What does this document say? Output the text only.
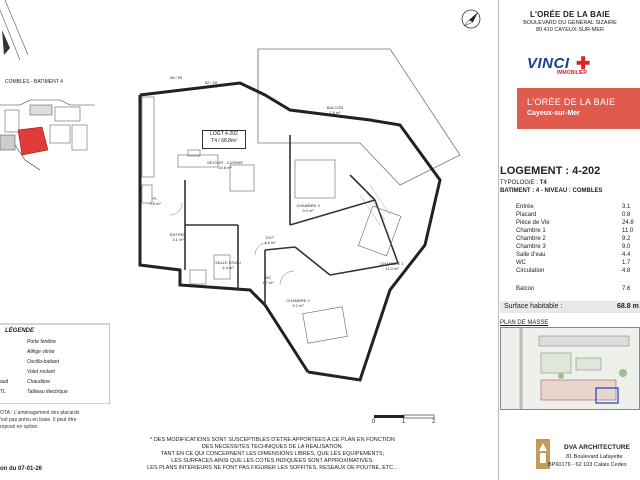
COMBLES - BATIMENT 4
05 / 93
52 / 10
LOGT 4-202
T4 / 68.8m²
BALCON
7.6 m²
SÉJOUR - CUISINE
24.8 m²
CHAMBRE 3
9.0 m²
CHAMBRE 1
11.0 m²
CHAMBRE 2
9.2 m²
ENTREE
3.1 m²	DGT
4.8 m²
SALLE D'EAU
4.4 m²
WC
1.7 m²
PL
0.8 m²
0	1	2
* DES MODIFICATIONS SONT SUSCEPTIBLES D'ETRE APPORTEES A CE PLAN EN FONCTION
DES NECESSITES TECHNIQUES DE LA REALISATION.
TANT EN CE QUI CONCERNENT LES DIMENSIONS LIBRES, QUE LES EQUIPEMENTS;
LES SURFACES AINSI QUE LES COTES INDIQUEES SONT APPROXIMATIVES.
LES PLANS INTERIEURS NE FONT PAS FIGURER LES SOFFITES, RESEAUX DE POUTRE, ETC...
LÉGENDE
Porte fenêtre
Allège vitrée
Oscillo-battant
Volet roulant
aud	Chaudière
TL	Tableau électrique
OTA : L'aménagement des placards
'est pas prévu en base. Il peut être
roposé en option
on du 07-01-26
L'ORÉE DE LA BAIE
BOULEVARD DU GÉNÉRAL SIZAIRE
80 410 CAYEUX-SUR-MER
VINCI ✚
IMMOBILIER
L'ORÉE DE LA BAIE
Cayeux-sur-Mer
LOGEMENT : 4-202
TYPOLOGIE : T4
BATIMENT : 4 - NIVEAU : COMBLES
Entrée	3.1
Placard	0.8
Pièce de Vie	24.8
Chambre 1	11.0
Chambre 2	9.2
Chambre 3	9.0
Salle d'eau	4.4
WC	1.7
Circulation	4.8
Balcon	7.6
Surface habitable :	68.8 m
PLAN DE MASSE
DVA ARCHITECTURE
81 Boulevard Lafayette
BP60176 - 62 103 Calais Cedex
